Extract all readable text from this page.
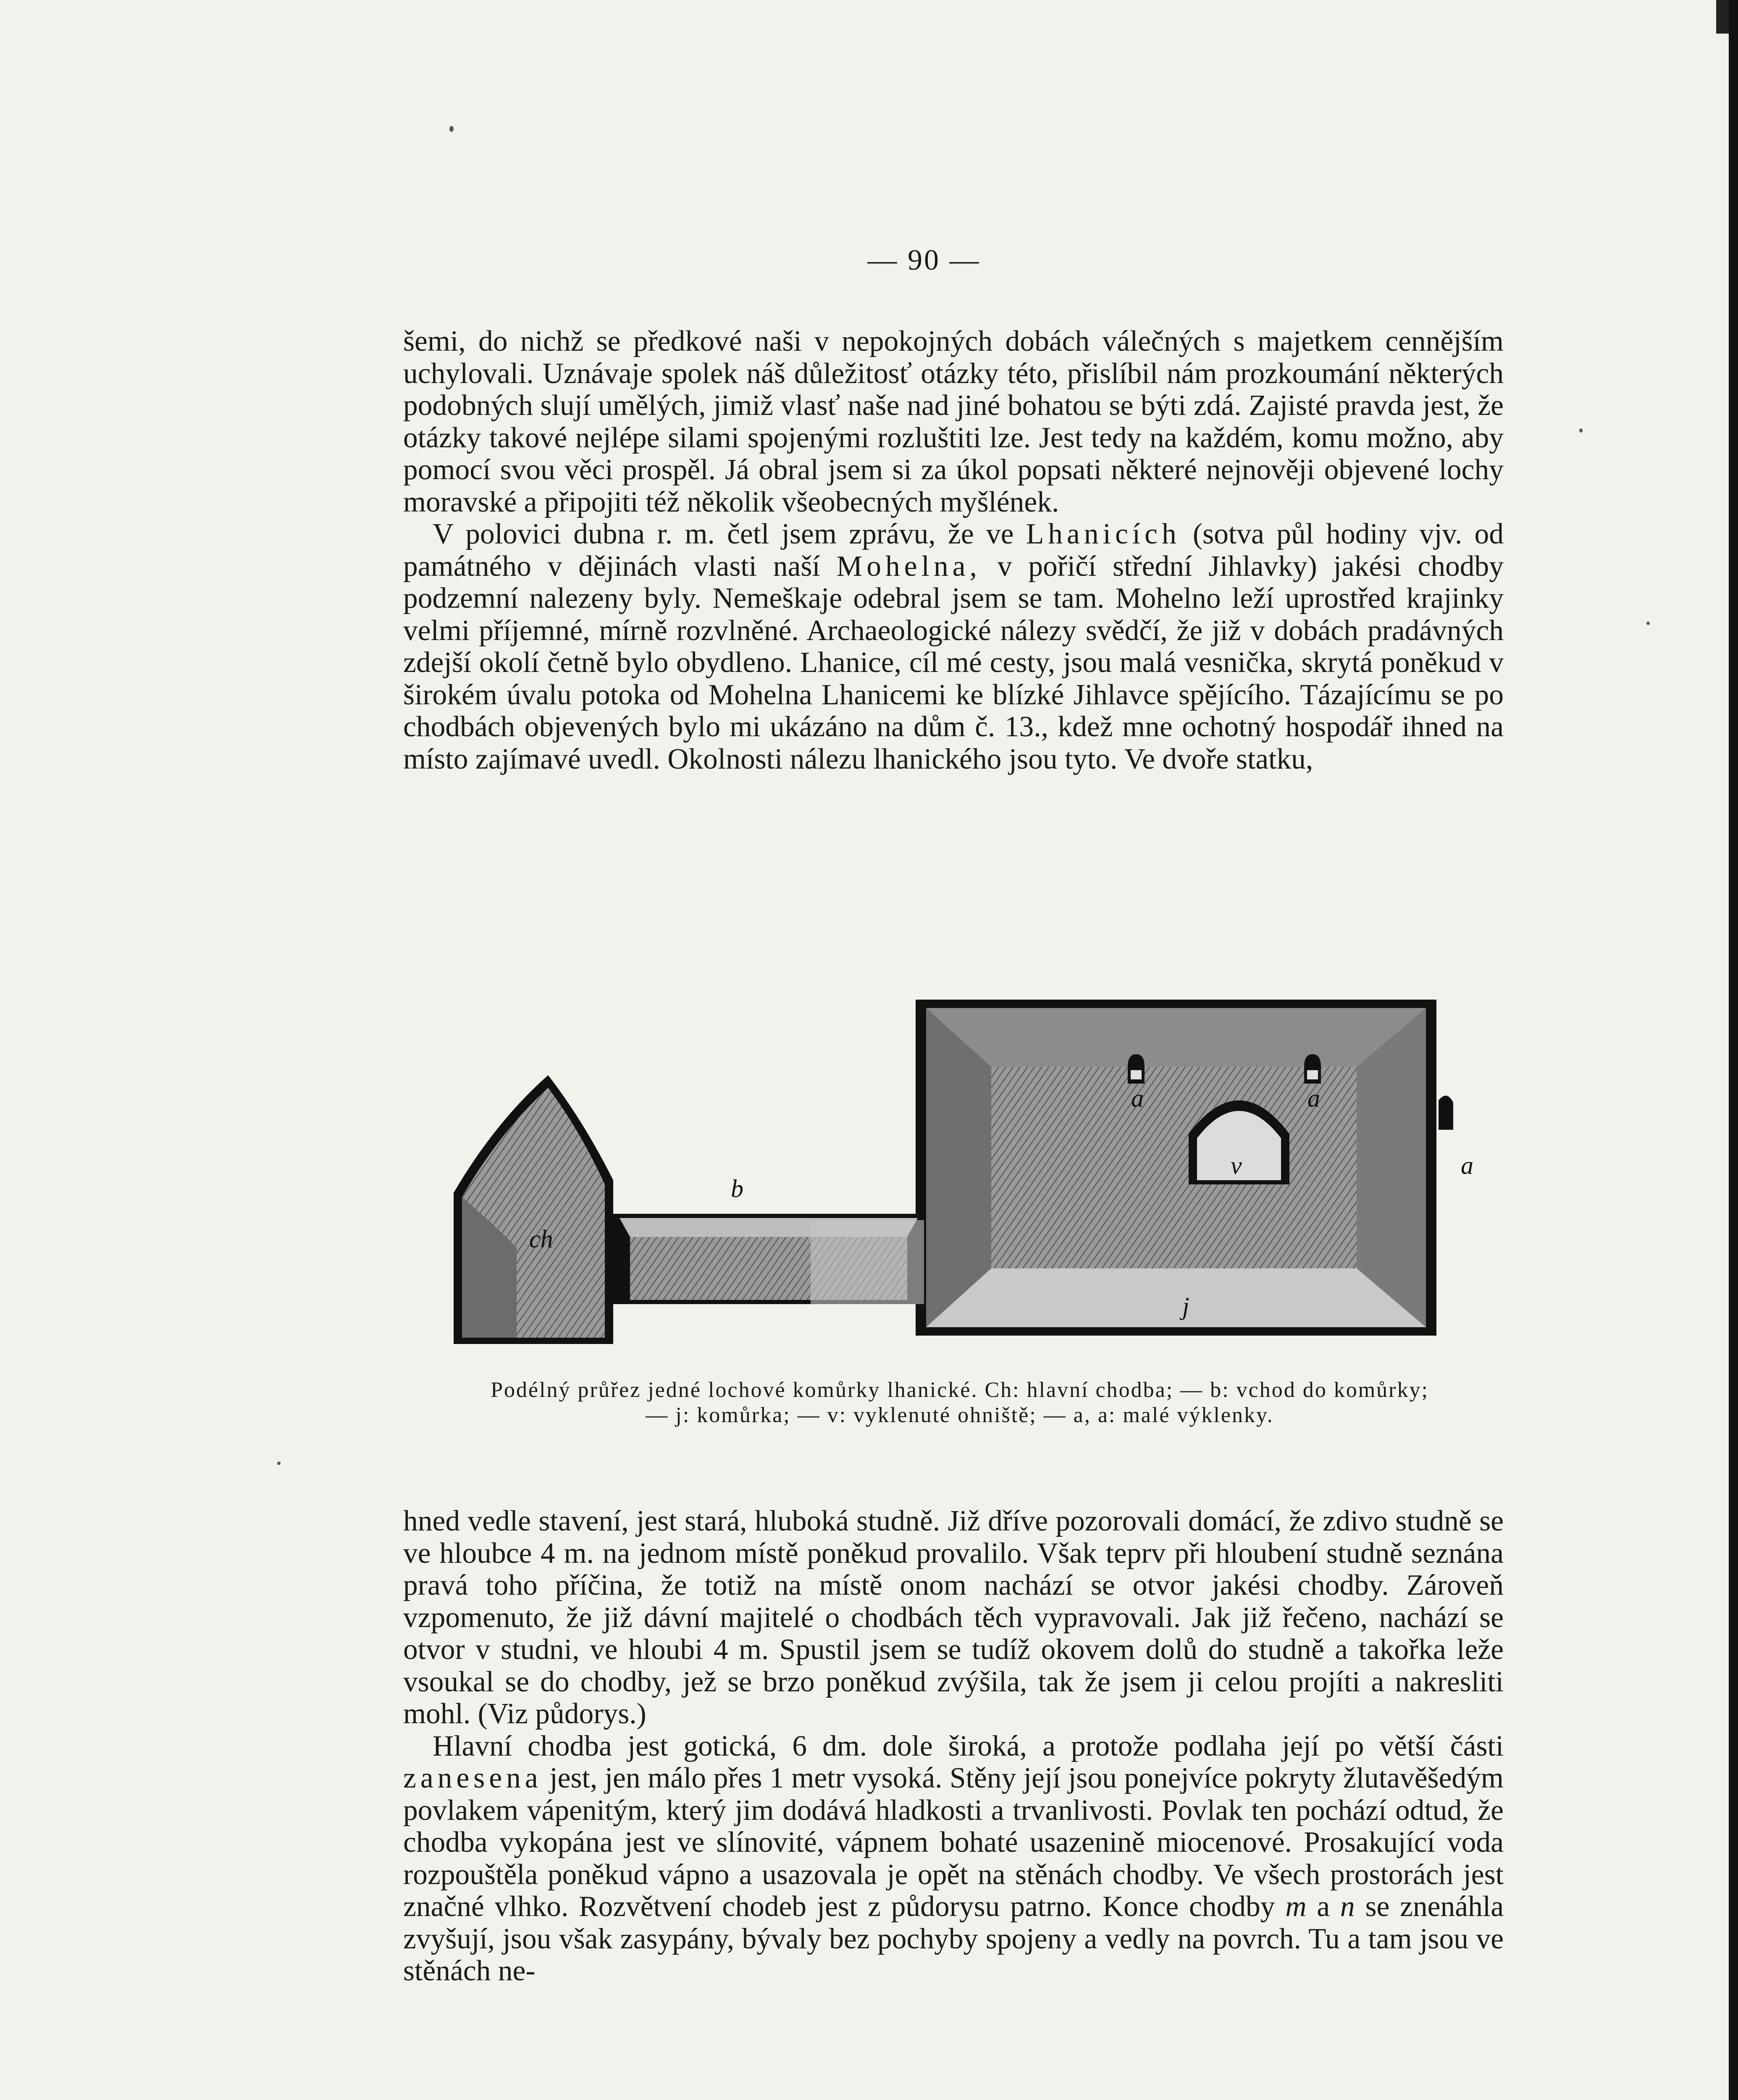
— 90 —

šemi, do nichž se předkové naši v nepokojných dobách válečných s majetkem cennějším uchylovali. Uznávaje spolek náš důležitosť otázky této, přislíbil nám prozkoumání některých podobných slují umělých, jimiž vlasť naše nad jiné bohatou se býti zdá. Zajisté pravda jest, že otázky takové nejlépe silami spojenými rozluštiti lze. Jest tedy na každém, komu možno, aby pomocí svou věci prospěl. Já obral jsem si za úkol popsati některé nejnověji objevené lochy moravské a připojiti též několik všeobecných myšlének.

V polovici dubna r. m. četl jsem zprávu, že ve Lhanicích (sotva půl hodiny vjv. od památného v dějinách vlasti naší Mohelna, v pořičí střední Jihlavky) jakési chodby podzemní nalezeny byly. Nemeškaje odebral jsem se tam. Mohelno leží uprostřed krajinky velmi příjemné, mírně rozvlněné. Archaeologické nálezy svědčí, že již v dobách pradávných zdejší okolí četně bylo obydleno. Lhanice, cíl mé cesty, jsou malá vesnička, skrytá poněkud v širokém úvalu potoka od Mohelna Lhanicemi ke blízké Jihlavce spějícího. Tázajícímu se po chodbách objevených bylo mi ukázáno na dům č. 13., kdež mne ochotný hospodář ihned na místo zajímavé uvedl. Okolnosti nálezu lhanického jsou tyto. Ve dvoře statku,

ch
b
j
v
a	a
a
Podélný průřez jedné lochové komůrky lhanické. Ch: hlavní chodba; — b: vchod do komůrky; — j: komůrka; — v: vyklenuté ohniště; — a, a: malé výklenky.

hned vedle stavení, jest stará, hluboká studně. Již dříve pozorovali domácí, že zdivo studně se ve hloubce 4 m. na jednom místě poněkud provalilo. Však teprv při hloubení studně seznána pravá toho příčina, že totiž na místě onom nachází se otvor jakési chodby. Zároveň vzpomenuto, že již dávní majitelé o chodbách těch vypravovali. Jak již řečeno, nachází se otvor v studni, ve hloubi 4 m. Spustil jsem se tudíž okovem dolů do studně a takořka leže vsoukal se do chodby, jež se brzo poněkud zvýšila, tak že jsem ji celou projíti a nakresliti mohl. (Viz půdorys.)

Hlavní chodba jest gotická, 6 dm. dole široká, a protože podlaha její po větší části zanesena jest, jen málo přes 1 metr vysoká. Stěny její jsou ponejvíce pokryty žlutavěšedým povlakem vápenitým, který jim dodává hladkosti a trvanlivosti. Povlak ten pochází odtud, že chodba vykopána jest ve slínovité, vápnem bohaté usazenině miocenové. Prosakující voda rozpouštěla poněkud vápno a usazovala je opět na stěnách chodby. Ve všech prostorách jest značné vlhko. Rozvětvení chodeb jest z půdorysu patrno. Konce chodby m a n se znenáhla zvyšují, jsou však zasypány, bývaly bez pochyby spojeny a vedly na povrch. Tu a tam jsou ve stěnách ne-
